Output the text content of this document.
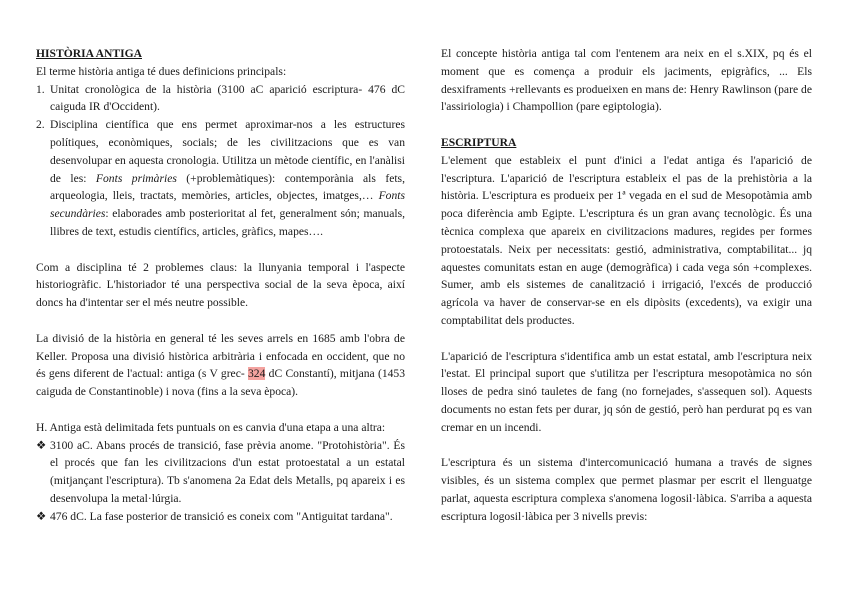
HISTÒRIA ANTIGA

El terme història antiga té dues definicions principals:

1. Unitat cronològica de la història (3100 aC aparició escriptura- 476 dC caiguda IR d'Occident).
2. Disciplina científica que ens permet aproximar-nos a les estructures polítiques, econòmiques, socials; de les civilitzacions que es van desenvolupar en aquesta cronologia. Utilitza un mètode científic, en l'anàlisi de les: Fonts primàries (+problemàtiques): contemporània als fets, arqueologia, lleis, tractats, memòries, articles, objectes, imatges,… Fonts secundàries: elaborades amb posterioritat al fet, generalment són; manuals, llibres de text, estudis científics, articles, gràfics, mapes….

Com a disciplina té 2 problemes claus: la llunyania temporal i l'aspecte historiogràfic. L'historiador té una perspectiva social de la seva època, així doncs ha d'intentar ser el més neutre possible.

La divisió de la història en general té les seves arrels en 1685 amb l'obra de Keller. Proposa una divisió històrica arbitrària i enfocada en occident, que no és gens diferent de l'actual: antiga (s V grec- 324 dC Constantí), mitjana (1453 caiguda de Constantinoble) i nova (fins a la seva època).

H. Antiga està delimitada fets puntuals on es canvia d'una etapa a una altra:

❖ 3100 aC. Abans procés de transició, fase prèvia anome. "Protohistòria". És el procés que fan les civilitzacions d'un estat protoestatal a un estatal (mitjançant l'escriptura). Tb s'anomena 2a Edat dels Metalls, pq apareix i es desenvolupa la metal·lúrgia.
❖ 476 dC. La fase posterior de transició es coneix com "Antiguitat tardana".

El concepte història antiga tal com l'entenem ara neix en el s.XIX, pq és el moment que es comença a produir els jaciments, epigràfics, ... Els desxiframents +rellevants es produeixen en mans de: Henry Rawlinson (pare de l'assiriologia) i Champollion (pare egiptologia).

ESCRIPTURA

L'element que estableix el punt d'inici a l'edat antiga és l'aparició de l'escriptura. L'aparició de l'escriptura estableix el pas de la prehistòria a la història. L'escriptura es produeix per 1ª vegada en el sud de Mesopotàmia amb poca diferència amb Egipte. L'escriptura és un gran avanç tecnològic. És una tècnica complexa que apareix en civilitzacions madures, regides per formes protoestatals. Neix per necessitats: gestió, administrativa, comptabilitat... jq aquestes comunitats estan en auge (demogràfica) i cada vega són +complexes. Sumer, amb els sistemes de canalització i irrigació, l'excés de producció agrícola va haver de conservar-se en els dipòsits (excedents), va exigir una comptabilitat dels productes.

L'aparició de l'escriptura s'identifica amb un estat estatal, amb l'escriptura neix l'estat. El principal suport que s'utilitza per l'escriptura mesopotàmica no són lloses de pedra sinó tauletes de fang (no fornejades, s'assequen sol). Aquests documents no estan fets per durar, jq són de gestió, però han perdurat pq es van cremar en un incendi.

L'escriptura és un sistema d'intercomunicació humana a través de signes visibles, és un sistema complex que permet plasmar per escrit el llenguatge parlat, aquesta escriptura complexa s'anomena logosil·làbica. S'arriba a aquesta escriptura logosil·làbica per 3 nivells previs:
